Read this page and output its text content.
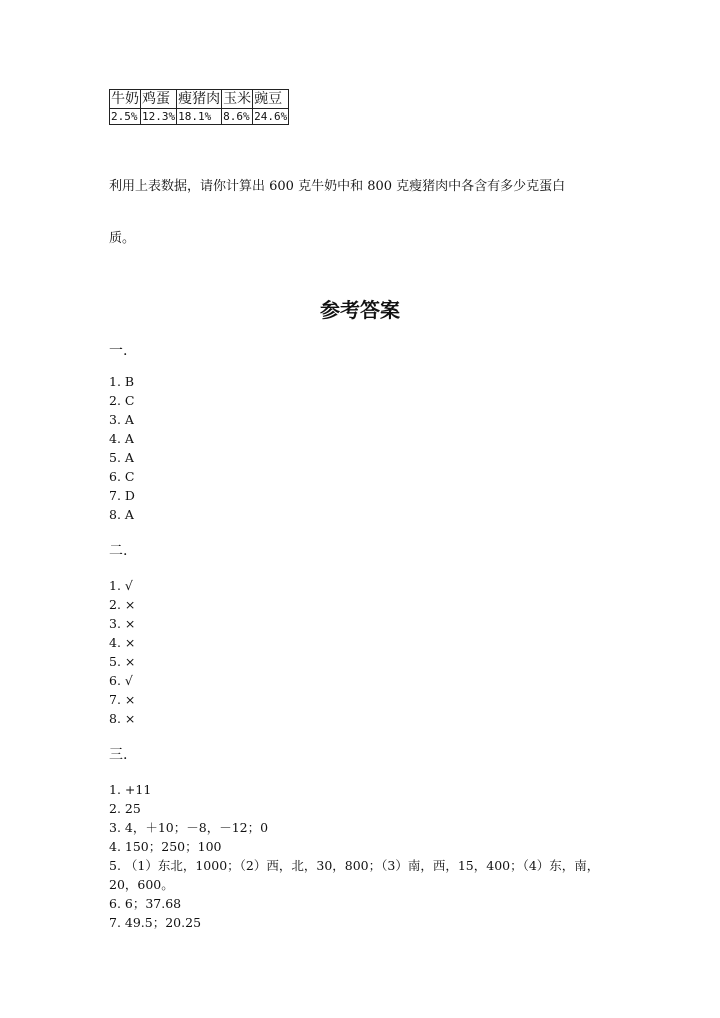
牛奶	鸡蛋	瘦猪肉	玉米	豌豆
2.5%	12.3%	18.1%	8.6%	24.6%
利用上表数据，请你计算出 600 克牛奶中和 800 克瘦猪肉中各含有多少克蛋白
质。
参考答案
一.
1. B
2. C
3. A
4. A
5. A
6. C
7. D
8. A
二.
1. √
2. ×
3. ×
4. ×
5. ×
6. √
7. ×
8. ×
三.
1. +11
2. 25
3. 4，＋10；－8，－12；0
4. 150；250；100
5. （1）东北，1000；（2）西，北，30，800；（3）南，西，15，400；（4）东，南，20，600。
6. 6；37.68
7. 49.5；20.25
